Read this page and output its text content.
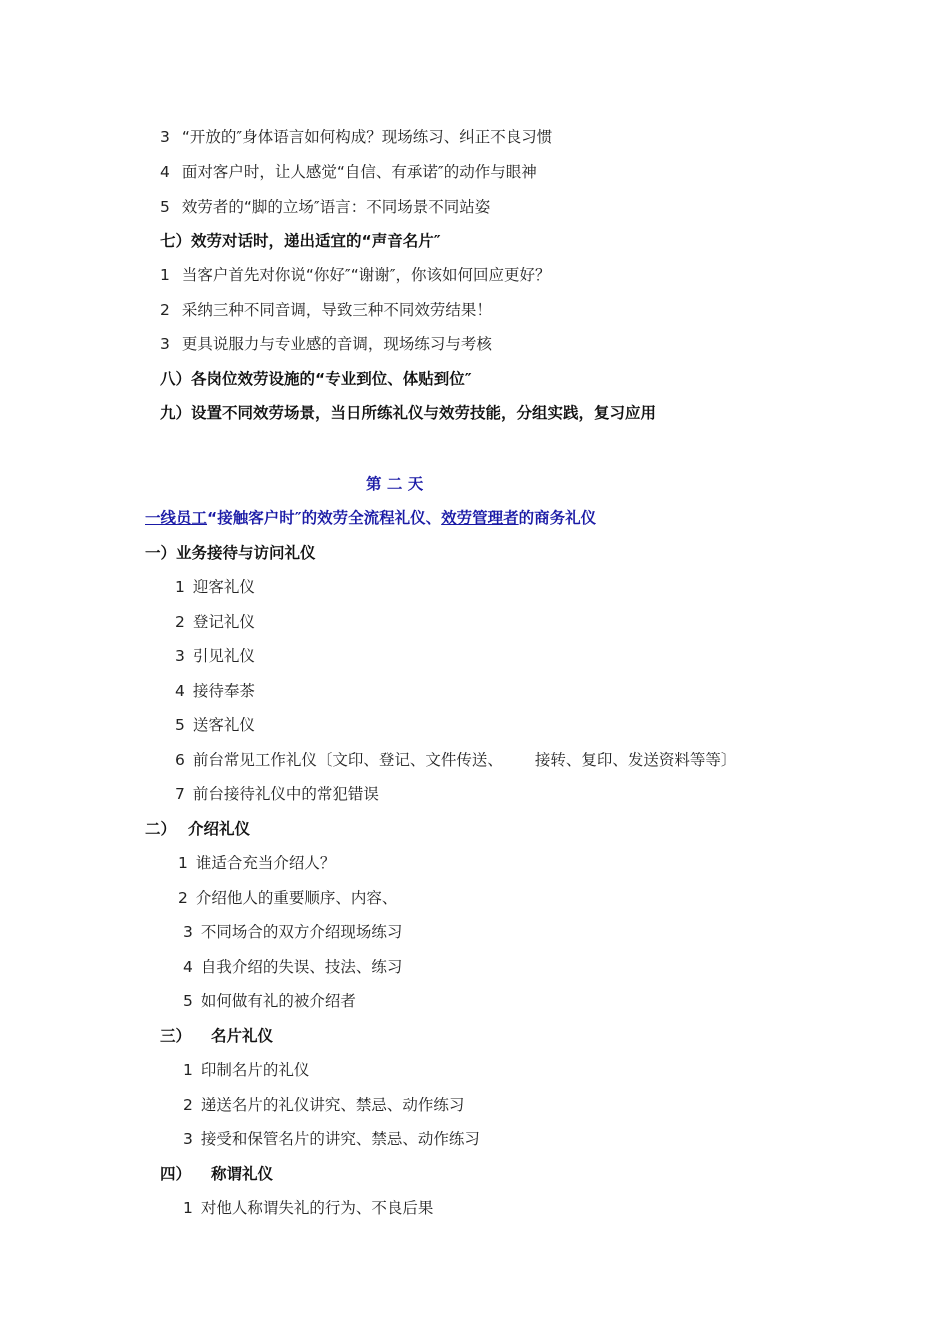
3 “开放的″身体语言如何构成？现场练习、纠正不良习惯
4 面对客户时，让人感觉“自信、有承诺″的动作与眼神
5 效劳者的“脚的立场″语言：不同场景不同站姿
七）效劳对话时，递出适宜的“声音名片″
1 当客户首先对你说“你好″“谢谢″，你该如何回应更好？
2 采纳三种不同音调，导致三种不同效劳结果！
3 更具说服力与专业感的音调，现场练习与考核
八）各岗位效劳设施的“专业到位、体贴到位″
九）设置不同效劳场景，当日所练礼仪与效劳技能，分组实践，复习应用
第 二 天
一线员工“接触客户时″的效劳全流程礼仪、效劳管理者的商务礼仪
一）业务接待与访问礼仪
1 迎客礼仪
2 登记礼仪
3 引见礼仪
4 接待奉茶
5 送客礼仪
6 前台常见工作礼仪〔文印、登记、文件传送、 接转、复印、发送资料等等〕
7 前台接待礼仪中的常犯错误
二） 介绍礼仪
1 谁适合充当介绍人？
2 介绍他人的重要顺序、内容、
3 不同场合的双方介绍现场练习
4 自我介绍的失误、技法、练习
5 如何做有礼的被介绍者
三） 名片礼仪
1 印制名片的礼仪
2 递送名片的礼仪讲究、禁忌、动作练习
3 接受和保管名片的讲究、禁忌、动作练习
四） 称谓礼仪
1 对他人称谓失礼的行为、不良后果
